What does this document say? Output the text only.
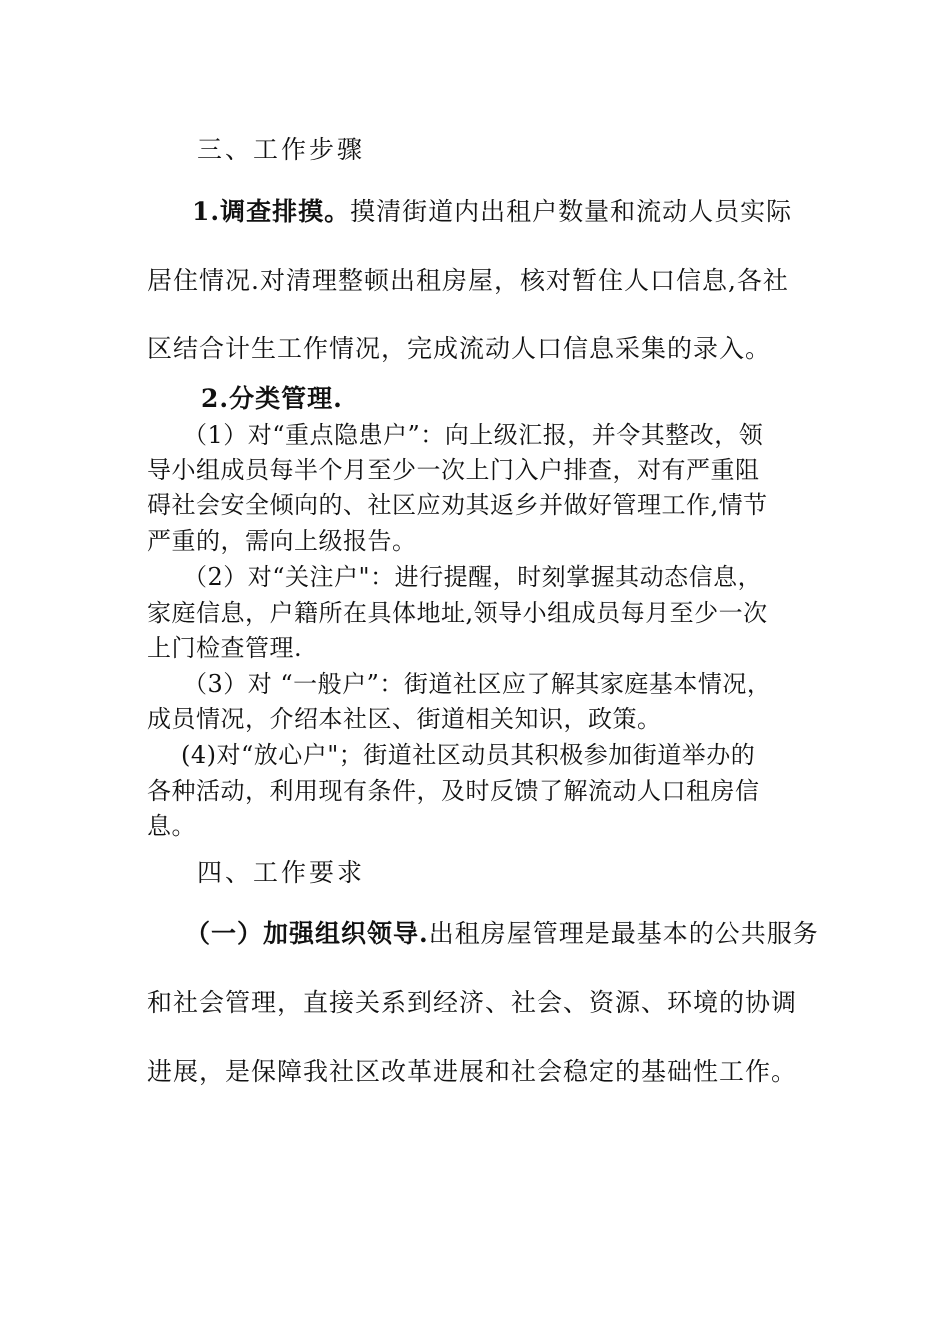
三、工作步骤
1.调查排摸。摸清街道内出租户数量和流动人员实际
居住情况.对清理整顿出租房屋，核对暂住人口信息,各社
区结合计生工作情况，完成流动人口信息采集的录入。
2.分类管理.
（1）对“重点隐患户”：向上级汇报，并令其整改，领
导小组成员每半个月至少一次上门入户排查，对有严重阻
碍社会安全倾向的、社区应劝其返乡并做好管理工作,情节
严重的，需向上级报告。
（2）对“关注户"：进行提醒，时刻掌握其动态信息，
家庭信息，户籍所在具体地址,领导小组成员每月至少一次
上门检查管理.
（3）对 “一般户”：街道社区应了解其家庭基本情况，
成员情况，介绍本社区、街道相关知识，政策。
(4)对“放心户"；街道社区动员其积极参加街道举办的
各种活动，利用现有条件，及时反馈了解流动人口租房信
息。
四、工作要求
（一）加强组织领导.出租房屋管理是最基本的公共服务
和社会管理，直接关系到经济、社会、资源、环境的协调
进展，是保障我社区改革进展和社会稳定的基础性工作。
